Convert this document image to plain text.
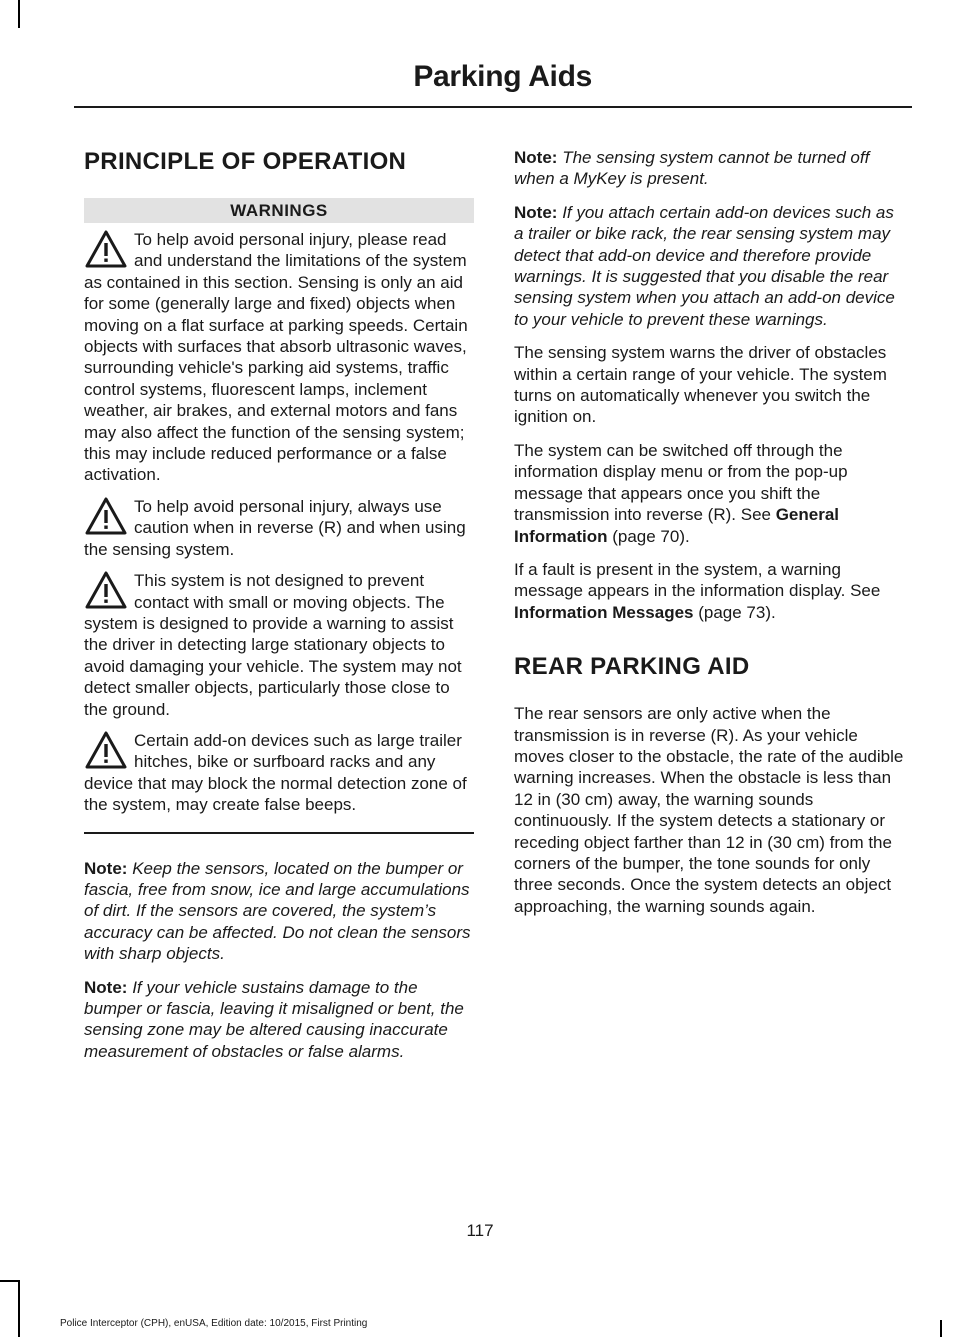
Parking Aids
PRINCIPLE OF OPERATION
WARNINGS
To help avoid personal injury, please read and understand the limitations of the system as contained in this section. Sensing is only an aid for some (generally large and fixed) objects when moving on a flat surface at parking speeds. Certain objects with surfaces that absorb ultrasonic waves, surrounding vehicle's parking aid systems, traffic control systems, fluorescent lamps, inclement weather, air brakes, and external motors and fans may also affect the function of the sensing system; this may include reduced performance or a false activation.
To help avoid personal injury, always use caution when in reverse (R) and when using the sensing system.
This system is not designed to prevent contact with small or moving objects. The system is designed to provide a warning to assist the driver in detecting large stationary objects to avoid damaging your vehicle. The system may not detect smaller objects, particularly those close to the ground.
Certain add-on devices such as large trailer hitches, bike or surfboard racks and any device that may block the normal detection zone of the system, may create false beeps.

Note: Keep the sensors, located on the bumper or fascia, free from snow, ice and large accumulations of dirt. If the sensors are covered, the system’s accuracy can be affected. Do not clean the sensors with sharp objects.

Note: If your vehicle sustains damage to the bumper or fascia, leaving it misaligned or bent, the sensing zone may be altered causing inaccurate measurement of obstacles or false alarms.

Note: The sensing system cannot be turned off when a MyKey is present.

Note: If you attach certain add-on devices such as a trailer or bike rack, the rear sensing system may detect that add-on device and therefore provide warnings. It is suggested that you disable the rear sensing system when you attach an add-on device to your vehicle to prevent these warnings.

The sensing system warns the driver of obstacles within a certain range of your vehicle. The system turns on automatically whenever you switch the ignition on.

The system can be switched off through the information display menu or from the pop-up message that appears once you shift the transmission into reverse (R). See General Information (page 70).

If a fault is present in the system, a warning message appears in the information display. See Information Messages (page 73).

REAR PARKING AID

The rear sensors are only active when the transmission is in reverse (R). As your vehicle moves closer to the obstacle, the rate of the audible warning increases. When the obstacle is less than 12 in (30 cm) away, the warning sounds continuously. If the system detects a stationary or receding object farther than 12 in (30 cm) from the corners of the bumper, the tone sounds for only three seconds. Once the system detects an object approaching, the warning sounds again.

117
Police Interceptor (CPH), enUSA, Edition date: 10/2015, First Printing
